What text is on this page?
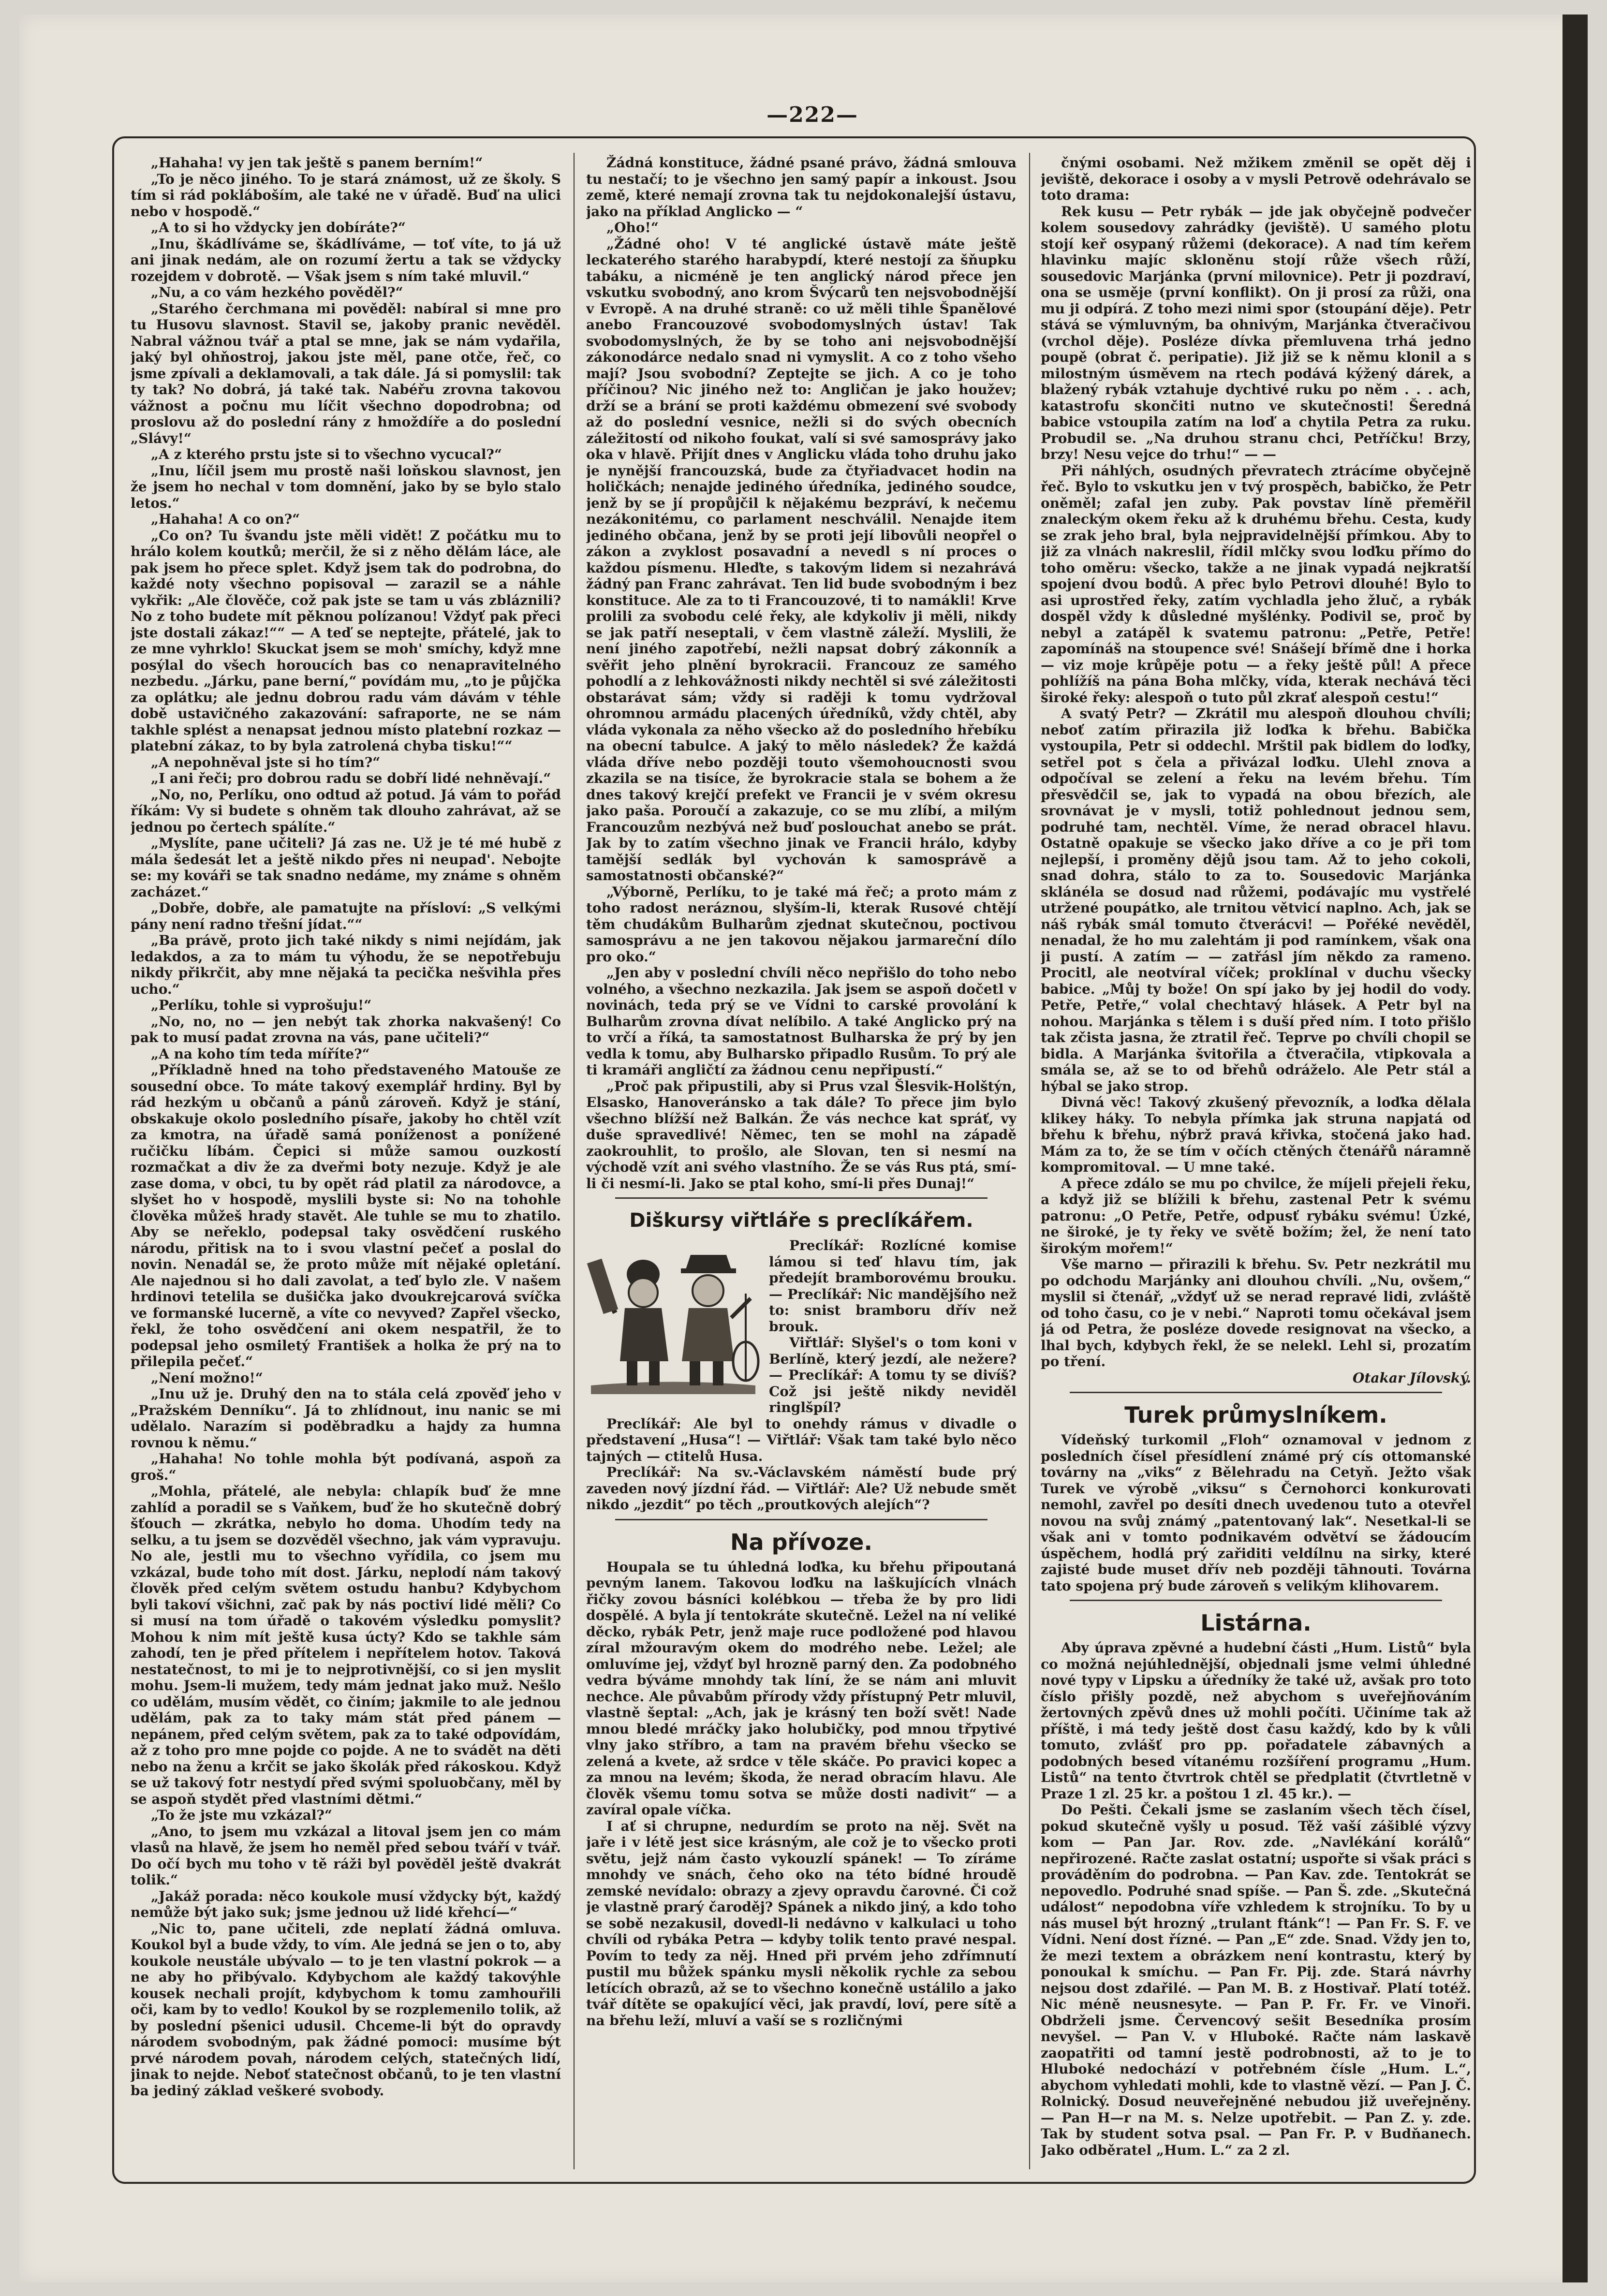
—222—

„Hahaha! vy jen tak ještě s panem berním!“

„To je něco jiného. To je stará známost, už ze školy. S tím si rád pokláboším, ale také ne v úřadě. Buď na ulici nebo v hospodě.“

„A to si ho vždycky jen dobíráte?“

„Inu, škádlíváme se, škádlíváme, — toť víte, to já už ani jinak nedám, ale on rozumí žertu a tak se vždycky rozejdem v dobrotě. — Však jsem s ním také mluvil.“

„Nu, a co vám hezkého pověděl?“

„Staréhо čerchmana mi pověděl: nabíral si mne pro tu Husovu slavnost. Stavil se, jakoby pranic nevěděl. Nabral vážnou tvář a ptal se mne, jak se nám vydařila, jaký byl ohňostroj, jakou jste měl, pane otče, řeč, co jsme zpívali a deklamovali, a tak dále. Já si pomyslil: tak ty tak? No dobrá, já také tak. Nabéřu zrovna takovou vážnost a počnu mu líčit všechno dopodrobna; od proslovu až do poslední rány z hmoždíře a do poslední „Slávy!“

„A z kterého prstu jste si to všechno vycucal?“

„Inu, líčil jsem mu prostě naši loňskou slavnost, jen že jsem ho nechal v tom domnění, jako by se bylo stalo letos.“

„Hahaha! A co on?“

„Co on? Tu švandu jste měli vidět! Z počátku mu to hrálo kolem koutků; merčil, že si z něho dělám láce, ale pak jsem ho přece splet. Když jsem tak do podrobna, do každé noty všechno popisoval — zarazil se a náhle vykřik: „Ale člověče, což pak jste se tam u vás zbláznili? No z toho budete mít pěknou polízanou! Vždyť pak přeci jste dostali zákaz!““ — A teď se neptejte, přátelé, jak to ze mne vyhrklo! Skuckat jsem se moh' smíchy, když mne posýlal do všech horoucích bas co nenapravitelného nezbedu. „Járku, pane berní,“ povídám mu, „to je půjčka za oplátku; ale jednu dobrou radu vám dávám v téhle době ustavičného zakazování: safraporte, ne se nám takhle splést a nenapsat jednou místo platební rozkaz — platební zákaz, to by byla zatrolená chyba tisku!““

„A nepohněval jste si ho tím?“

„I ani řeči; pro dobrou radu se dobří lidé nehněvají.“

„No, no, Perlíku, ono odtud až potud. Já vám to pořád říkám: Vy si budete s ohněm tak dlouho zahrávat, až se jednou po čertech spálíte.“

„Myslíte, pane učiteli? Já zas ne. Už je té mé hubě z mála šedesát let a ještě nikdo přes ni neupad'. Nebojte se: my kováři se tak snadno nedáme, my známe s ohněm zacházet.“

„Dobře, dobře, ale pamatujte na přísloví: „S velkými pány není radno třešní jídat.““

„Ba právě, proto jich také nikdy s nimi nejídám, jak ledakdos, a za to mám tu výhodu, že se nepotřebuju nikdy přikrčit, aby mne nějaká ta pecička nešvihla přes ucho.“

„Perlíku, tohle si vyprošuju!“

„No, no, no — jen nebýt tak zhorka nakvašený! Co pak to musí padat zrovna na vás, pane učiteli?“

„A na koho tím teda míříte?“

„Příkladně hned na toho představeného Matouše ze sousední obce. To máte takový exemplář hrdiny. Byl by rád hezkým u občanů a pánů zároveň. Když je stání, obskakuje okolo posledního písaře, jakoby ho chtěl vzít za kmotra, na úřadě samá poníženost a ponížené ručičku líbám. Čepici si může samou ouzkostí rozmačkat a div že za dveřmi boty nezuje. Když je ale zase doma, v obci, tu by opět rád platil za národovce, a slyšet ho v hospodě, myslili byste si: No na tohohle člověka můžeš hrady stavět. Ale tuhle se mu to zhatilo. Aby se neřeklo, podepsal taky osvědčení ruského národu, přitisk na to i svou vlastní pečeť a poslal do novin. Nenadál se, že proto může mít nějaké opletání. Ale najednou si ho dali zavolat, a teď bylo zle. V našem hrdinovi tetelila se dušička jako dvoukrejcarová svíčka ve formanské lucerně, a víte co nevyved? Zapřel všecko, řekl, že toho osvědčení ani okem nespatřil, že to podepsal jeho osmiletý František a holka že prý na to přilepila pečeť.“

„Není možno!“

„Inu už je. Druhý den na to stála celá zpověď jeho v „Pražském Denníku“. Já to zhlídnout, inu nanic se mi udělalo. Narazím si poděbradku a hajdy za humna rovnou k němu.“

„Hahaha! No tohle mohla být podívaná, aspoň za groš.“

„Mohla, přátelé, ale nebyla: chlapík buď že mne zahlíd a poradil se s Vaňkem, buď že ho skutečně dobrý šťouch — zkrátka, nebylo ho doma. Uhodím tedy na selku, a tu jsem se dozvěděl všechno, jak vám vypravuju. No ale, jestli mu to všechno vyřídila, co jsem mu vzkázal, bude toho mít dost. Járku, neplodí nám takový člověk před celým světem ostudu hanbu? Kdybychom byli takoví všichni, zač pak by nás poctiví lidé měli? Co si musí na tom úřadě o takovém výsledku pomyslit? Mohou k nim mít ještě kusa úcty? Kdo se takhle sám zahodí, ten je před přítelem i nepřítelem hotov. Taková nestatečnost, to mi je to nejprotivnější, co si jen myslit mohu. Jsem-li mužem, tedy mám jednat jako muž. Nešlo co udělám, musím vědět, co činím; jakmile to ale jednou udělám, pak za to taky mám stát před pánem — nepánem, před celým světem, pak za to také odpovídám, až z toho pro mne pojde co pojde. A ne to svádět na děti nebo na ženu a krčit se jako školák před rákoskou. Když se už takový fotr nestydí před svými spoluobčany, měl by se aspoň stydět před vlastními dětmi.“

„To že jste mu vzkázal?“

„Ano, to jsem mu vzkázal a litoval jsem jen co mám vlasů na hlavě, že jsem ho neměl před sebou tváří v tvář. Do očí bych mu toho v tě ráži byl pověděl ještě dvakrát tolik.“

„Jakáž porada: něco koukole musí vždycky být, každý nemůže být jako suk; jsme jednou už lidé křehcí—“

„Nic to, pane učiteli, zde neplatí žádná omluva. Koukol byl a bude vždy, to vím. Ale jedná se jen o to, aby koukole neustále ubývalo — to je ten vlastní pokrok — a ne aby ho přibývalo. Kdybychom ale každý takovýhle kousek nechali projít, kdybychom k tomu zamhouřili oči, kam by to vedlo! Koukol by se rozplemenilo tolik, až by poslední pšenici udusil. Chceme-li být do opravdy národem svobodným, pak žádné pomoci: musíme být prvé národem povah, národem celých, statečných lidí, jinak to nejde. Neboť statečnost občanů, to je ten vlastní ba jediný základ veškeré svobody.

Žádná konstituce, žádné psané právo, žádná smlouva tu nestačí; to je všechno jen samý papír a inkoust. Jsou země, které nemají zrovna tak tu nejdokonalejší ústavu, jako na příklad Anglicko — “

„Oho!“

„Žádné oho! V té anglické ústavě máte ještě leckaterého starého harabурdí, které nestojí za šňupku tabáku, a nicméně je ten anglický národ přece jen vskutku svobodný, ano krom Švýcarů ten nejsvobodnější v Evropě. A na druhé straně: co už měli tihle Španělové anebo Francouzové svobodomyslných ústav! Tak svobodomyslných, že by se toho ani nejsvobodnější zákonodárce nedalo snad ni vymyslit. A co z toho všeho mají? Jsou svobodní? Zeptejte se jich. A co je toho příčinou? Nic jiného než to: Angličan je jako houžev; drží se a brání se proti každému obmezení své svobody až do poslední vesnice, nežli si do svých obecních záležitostí od nikoho foukat, valí si své samosprávy jako oka v hlavě. Přijít dnes v Anglicku vláda toho druhu jako je nynější francouzská, bude za čtyřiadvacet hodin na holičkách; nenajde jediného úředníka, jediného soudce, jenž by se jí propůjčil k nějakému bezpráví, k nečemu nezákonitému, co parlament neschválil. Nenajde item jediného občana, jenž by se proti její libovůli neopřel o zákon a zvyklost posavadní a nevedl s ní proces o každou písmenu. Hleďte, s takovým lidem si nezahrává žádný pan Franc zahrávat. Ten lid bude svobodným i bez konstituce. Ale za to ti Francouzové, ti to namákli! Krve prolili za svobodu celé řeky, ale kdykoliv ji měli, nikdy se jak patří neseptali, v čem vlastně záleží. Myslili, že není jiného zapotřebí, nežli napsat dobrý zákonník a svěřit jeho plnění byrokracii. Francouz ze samého pohodlí a z lehkovážnosti nikdy nechtěl si své záležitosti obstarávat sám; vždy si raději k tomu vydržoval ohromnou armádu placených úředníků, vždy chtěl, aby vláda vykonala za něho všecko až do posledního hřebíku na obecní tabulce. A jaký to mělo následek? Že každá vláda dříve nebo později touto všemohoucnosti svou zkazila se na tisíce, že byrokracie stala se bohem a že dnes takový krejčí prefekt ve Francii je v svém okresu jako paša. Poroučí a zakazuje, co se mu zlíbí, a milým Francouzům nezbývá než buď poslouchat anebo se prát. Jak by to zatím všechno jinak ve Francii hrálo, kdyby tamější sedlák byl vychován k samosprávě a samostatnosti občanské?“

„Výborně, Perlíku, to je také má řeč; a proto mám z toho radost neráznou, slyším-li, kterak Rusové chtějí těm chudákům Bulharům zjednat skutečnou, poctivou samosprávu a ne jen takovou nějakou jarmareční dílo pro oko.“

„Jen aby v poslední chvíli něco nepřišlo do toho nebo volného, a všechno nezkazila. Jak jsem se aspoň dočetl v novinách, teda prý se ve Vídni to carské provolání k Bulharům zrovna dívat nelíbilo. A také Anglicko prý na to vrčí a říká, ta samostatnost Bulharska že prý by jen vedla k tomu, aby Bulharsko připadlo Rusům. To prý ale ti kramáři angličtí za žádnou cenu nepřipustí.“

„Proč pak připustili, aby si Prus vzal Šlesvik-Holštýn, Elsasko, Hanoveránsko a tak dále? To přece jim bylo všechno blížší než Balkán. Že vás nechce kat spráť, vy duše spravedlivé! Němec, ten se mohl na západě zaokrouhlit, to prošlo, ale Slovan, ten si nesmí na východě vzít ani svého vlastního. Že se vás Rus ptá, smí-li či nesmí-li. Jako se ptal koho, smí-li přes Dunaj!“

Diškursy viřtláře s preclíkářem.

Preclíkář: Rozlícné komise lámou si teď hlavu tím, jak předejít bramborovému brouku. — Preclíkář: Nic mandějšího než to: snist bramboru dřív než brouk.

Viřtlář: Slyšel's o tom koni v Berlíně, který jezdí, ale nežere? — Preclíkář: A tomu ty se divíš? Což jsi ještě nikdy neviděl ringlšpíl?

Preclíkář: Ale byl to onehdy rámus v divadle o představení „Husa“! — Viřtlář: Však tam také bylo něco tajných — ctitelů Husa.

Preclíkář: Na sv.-Václavském náměstí bude prý zaveden nový jízdní řád. — Viřtlář: Ale? Už nebude smět nikdo „jezdit“ po těch „proutkových alejích“?

Na přívoze.

Houpala se tu úhledná loďka, ku břehu připoutaná pevným lanem. Takovou loďku na laškujících vlnách řičky zovou básníci kolébkou — třeba že by pro lidi dospělé. A byla jí tentokráte skutečně. Ležel na ní veliké děcko, rybák Petr, jenž maje ruce podložené pod hlavou zíral mžouravým okem do modrého nebe. Ležel; ale omluvíme jej, vždyť byl hrozně parný den. Za podobného vedra býváme mnohdy tak líní, že se nám ani mluvit nechce. Ale půvabům přírody vždy přístupný Petr mluvil, vlastně šeptal: „Ach, jak je krásný ten boží svět! Nade mnou bledé mráčky jako holubičky, pod mnou třpytivé vlny jako stříbro, a tam na pravém břehu všecko se zelená a kvete, až srdce v těle skáče. Po pravici kopec a za mnou na levém; škoda, že nerad obracím hlavu. Ale člověk všemu tomu sotva se může dosti nadivit“ — a zavíral opale víčka.

I ať si chrupne, nedurdím se proto na něj. Svět na jaře i v létě jest sice krásným, ale což je to všecko proti světu, jejž nám často vykouzlí spánek! — To zíráme mnohdy ve snách, čeho oko na této bídné hroudě zemské nevídalo: obrazy a zjevy opravdu čarovné. Či což je vlastně prarý čaroděj? Spánek a nikdo jiný, a kdo toho se sobě nezakusil, dovedl-li nedávno v kalkulaci u toho chvíli od rybáka Petra — kdyby tolik tento pravé nespal. Povím to tedy za něj. Hned při prvém jeho zdřímnutí pustil mu bůžek spánku mysli několik rychle za sebou letících obrazů, až se to všechno konečně ustálilo a jako tvář dítěte se opakující věci, jak pravdí, loví, pere sítě a na břehu leží, mluví a vaší se s rozličnými

čnými osobami. Než mžikem změnil se opět děj i jeviště, dekorace i osoby a v mysli Petrově odehrávalo se toto drama:

Rek kusu — Petr rybák — jde jak obyčejně podvečer kolem sousedovy zahrádky (jeviště). U samého plotu stojí keř osypaný růžemi (dekorace). A nad tím keřem hlavinku majíc skloněnu stojí růže všech růží, sousedovic Marjánka (první milovnice). Petr ji pozdraví, ona se usměje (první konflikt). On ji prosí za růži, ona mu ji odpírá. Z toho mezi nimi spor (stoupání děje). Petr stává se výmluvným, ba ohnivým, Marjánka čtveračivou (vrchol děje). Posléze dívka přemluvena trhá jedno poupě (obrat č. peripatie). Již již se k němu klonil a s milostným úsměvem na rtech podává kýžený dárek, a blažený rybák vztahuje dychtivé ruku po něm . . . ach, katastrofu skončiti nutno ve skutečnosti! Šeredná babice vstoupila zatím na loď a chytila Petra za ruku. Probudil se. „Na druhou stranu chci, Petříčku! Brzy, brzy! Nesu vejce do trhu!“ — —

Při náhlých, osudných převratech ztrácíme obyčejně řeč. Bylo to vskutku jen v tvý prospěch, babičko, že Petr oněměl; zafal jen zuby. Pak povstav líně přeměřil znaleckým okem řeku až k druhému břehu. Cesta, kudy se zrak jeho bral, byla nejpravidelnější přímkou. Aby to již za vlnách nakreslil, řídil mlčky svou loďku přímo do toho oměru: všecko, takže a ne jinak vypadá nejkratší spojení dvou bodů. A přec bylo Petrovi dlouhé! Bylo to asi uprostřed řeky, zatím vychladla jeho žluč, a rybák dospěl vždy k důsledné myšlénky. Podivil se, proč by nebyl a zatápěl k svatemu patronu: „Petře, Petře! zapomínáš na stoupence své! Snášejí břímě dne i horka — viz moje krůpěje potu — a řeky ještě půl! A přece pohlížíš na pána Boha mlčky, vída, kterak nechává těci široké řeky: alespoň o tuto půl zkrať alespoň cestu!“

A svatý Petr? — Zkrátil mu alespoň dlouhou chvíli; neboť zatím přirazila již loďka k břehu. Babička vystoupila, Petr si oddechl. Mrštil pak bidlem do loďky, setřel pot s čela a přivázal loďku. Ulehl znova a odpočíval se zelení a řeku na levém břehu. Tím přesvědčil se, jak to vypadá na obou březích, ale srovnávat je v mysli, totiž pohlednout jednou sem, podruhé tam, nechtěl. Víme, že nerad obracel hlavu. Ostatně opakuje se všecko jako dříve a co je při tom nejlepší, i proměny dějů jsou tam. Až to jeho cokoli, snad dohra, stálo to za to. Sousedovic Marjánka sklánéla se dosud nad růžemi, podávajíc mu vystřelé utržené poupátko, ale trnitou větvicí naplno. Ach, jak se náš rybák smál tomuto čtverácvi! — Pořéké nevěděl, nenadal, že ho mu zalehtám ji pod ramínkem, však ona ji pustí. A zatím — — zatřásl jím někdo za rameno. Procitl, ale neotvíral víček; proklínal v duchu všecky babice. „Můj ty bože! On spí jako by jej hodil do vody. Petře, Petře,“ volal chechtavý hlásek. A Petr byl na nohou. Marjánka s tělem i s duší před ním. I toto přišlo tak zčista jasna, že ztratil řeč. Teprve po chvíli chopil se bidla. A Marjánka švitořila a čtveračila, vtipkovala a smála se, až se to od břehů odráželo. Ale Petr stál a hýbal se jako strop.

Divná věc! Takový zkušený převozník, a loďka dělala klikey háky. To nebyla přímka jak struna napjatá od břehu k břehu, nýbrž pravá křivka, stočená jako had. Mám za to, že se tím v očích ctěných čtenářů náramně kompromitoval. — U mne také.

A přece zdálo se mu po chvilce, že míjeli přejeli řeku, a když již se blížili k břehu, zastenal Petr k svému patronu: „O Petře, Petře, odpusť rybáku svému! Úzké, ne široké, je ty řeky ve světě božím; žel, že není tato širokým mořem!“

Vše marno — přirazili k břehu. Sv. Petr nezkrátil mu po odchodu Marjánky ani dlouhou chvíli. „Nu, ovšem,“ myslil si čtenář, „vždyť už se nerad repravé lidi, zvláště od toho času, co je v nebi.“ Naproti tomu očekával jsem já od Petra, že posléze dovede resignovat na všecko, a lhal bych, kdybych řekl, že se nelekl. Lehl si, prozatím po tření.

Otakar Jílovský.

Turek průmyslníkem.

Vídeňský turkomil „Floh“ oznamoval v jednom z posledních čísel přesídlení známé prý cís ottomanské továrny na „viks“ z Bělehradu na Cetyň. Ježto však Turek ve výrobě „viksu“ s Černohorci konkurovati nemohl, zavřel po desíti dnech uvedenou tuto a otevřel novou na svůj známý „patentovaný lak“. Nesetkal-li se však ani v tomto podnikavém odvětví se žádoucím úspěchem, hodlá prý zařiditi veldílnu na sirky, které zajisté bude muset dřív neb později tāhnouti. Továrna tato spojena prý bude zároveň s velikým klihovarem.

Listárna.

Aby úprava zpěvné a hudební části „Hum. Listů“ byla co možná nejúhlednější, objednali jsme velmi úhledné nové typy v Lipsku a úředníky že také už, avšak pro toto číslo přišly pozdě, než abychom s uveřejňováním žertovných zpěvů dnes už mohli počíti. Učiníme tak až příště, i má tedy ještě dost času každý, kdo by k vůli tomuto, zvlášť pro pp. pořadatele zábavných a podobných besed vítanému rozšíření programu „Hum. Listů“ na tento čtvrtrok chtěl se předplatit (čtvrtletně v Praze 1 zl. 25 kr. a poštou 1 zl. 45 kr.). —

Do Pešti. Čekali jsme se zaslaním všech těch čísel, pokud skutečně vyšly u posud. Těž vaší zášiblé výzvy kom — Pan Jar. Rov. zde. „Navlékání korálů“ nepřirozené. Račte zaslat ostatní; uspořte si však práci s prováděním do podrobna. — Pan Kav. zde. Tentokrát se nepovedlo. Podruhé snad spíše. — Pan Š. zde. „Skutečná událost“ nepodobna víře vzhledem k strojníku. To by u nás musel být hrozný „trulant ftánk“! — Pan Fr. S. F. ve Vídni. Není dost řízné. — Pan „E“ zde. Snad. Vždy jen to, že mezi textem a obrázkem není kontrastu, který by ponoukal k smíchu. — Pan Fr. Pij. zde. Stará návrhy nejsou dost zdařilé. — Pan M. B. z Hostivař. Platí totéž. Nic méně neusnesyte. — Pan P. Fr. Fr. ve Vinoři. Obdrželi jsme. Červencový sešit Besedníka prosím nevyšel. — Pan V. v Hluboké. Račte nám laskavě zaopatřiti od tamní jestě podrobnosti, až to je to Hluboké nedochází v potřebném čísle „Hum. L.“, abychom vyhledati mohli, kde to vlastně vězí. — Pan J. Č. Rolnický. Dosud neuveřejněné nebudou již uveřejněny. — Pan H—r na M. s. Nelze upotřebit. — Pan Z. y. zde. Tak by student sotva psal. — Pan Fr. P. v Budňanech. Jako odběratel „Hum. L.“ za 2 zl.
